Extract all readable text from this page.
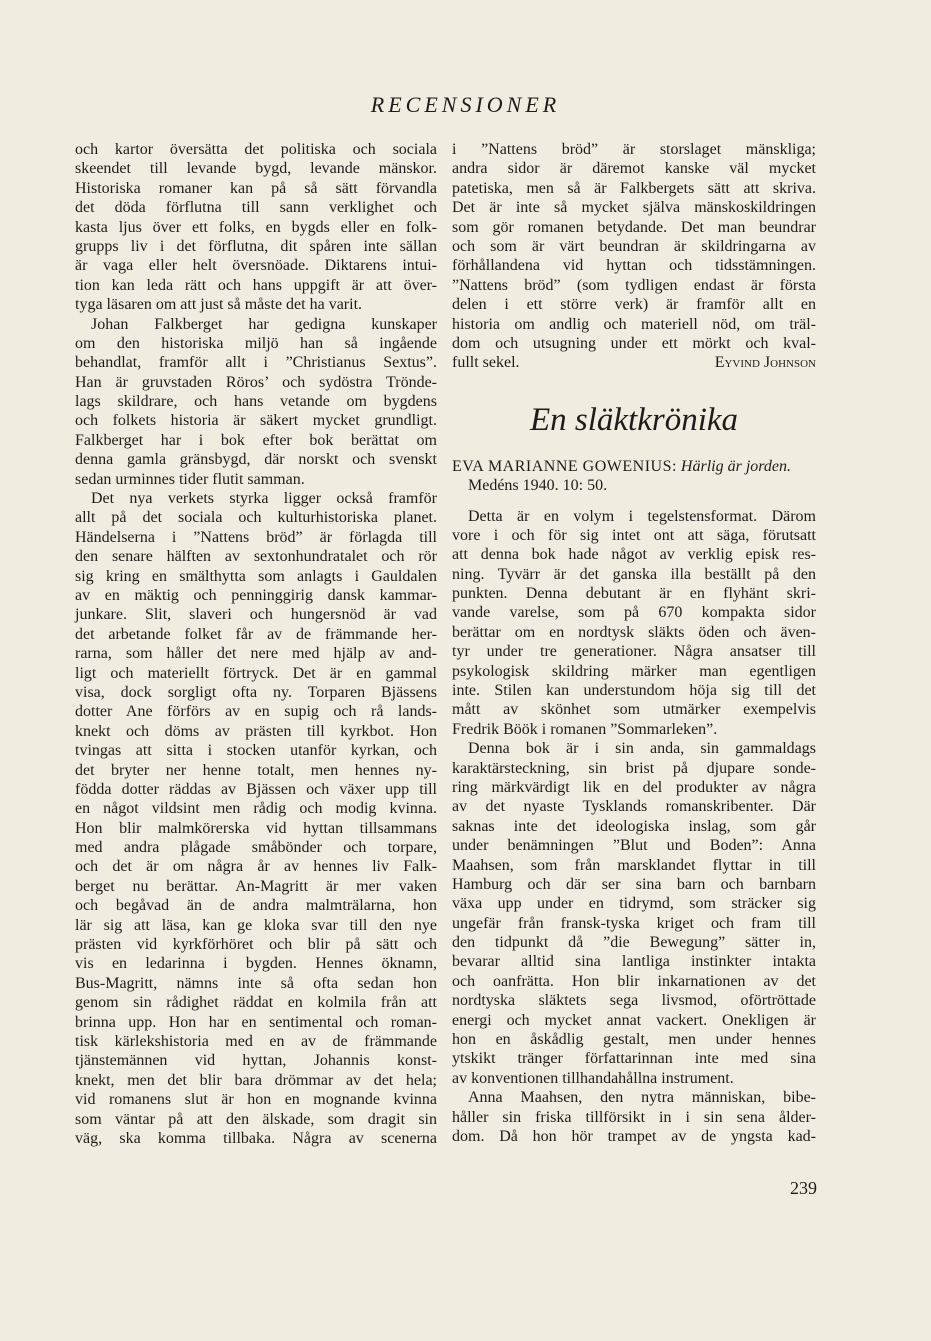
RECENSIONER
och kartor översätta det politiska och sociala
skeendet till levande bygd, levande mänskor.
Historiska romaner kan på så sätt förvandla
det döda förflutna till sann verklighet och
kasta ljus över ett folks, en bygds eller en folk-
grupps liv i det förflutna, dit spåren inte sällan
är vaga eller helt översnöade. Diktarens intui-
tion kan leda rätt och hans uppgift är att över-
tyga läsaren om att just så måste det ha varit.
Johan Falkberget har gedigna kunskaper
om den historiska miljö han så ingående
behandlat, framför allt i ”Christianus Sextus”.
Han är gruvstaden Röros’ och sydöstra Trönde-
lags skildrare, och hans vetande om bygdens
och folkets historia är säkert mycket grundligt.
Falkberget har i bok efter bok berättat om
denna gamla gränsbygd, där norskt och svenskt
sedan urminnes tider flutit samman.
Det nya verkets styrka ligger också framför
allt på det sociala och kulturhistoriska planet.
Händelserna i ”Nattens bröd” är förlagda till
den senare hälften av sextonhundratalet och rör
sig kring en smälthytta som anlagts i Gauldalen
av en mäktig och penninggirig dansk kammar-
junkare. Slit, slaveri och hungersnöd är vad
det arbetande folket får av de främmande her-
rarna, som håller det nere med hjälp av and-
ligt och materiellt förtryck. Det är en gammal
visa, dock sorgligt ofta ny. Torparen Bjässens
dotter Ane förförs av en supig och rå lands-
knekt och döms av prästen till kyrkbot. Hon
tvingas att sitta i stocken utanför kyrkan, och
det bryter ner henne totalt, men hennes ny-
födda dotter räddas av Bjässen och växer upp till
en något vildsint men rådig och modig kvinna.
Hon blir malmkörerska vid hyttan tillsammans
med andra plågade småbönder och torpare,
och det är om några år av hennes liv Falk-
berget nu berättar. An-Magritt är mer vaken
och begåvad än de andra malmträlarna, hon
lär sig att läsa, kan ge kloka svar till den nye
prästen vid kyrkförhöret och blir på sätt och
vis en ledarinna i bygden. Hennes öknamn,
Bus-Magritt, nämns inte så ofta sedan hon
genom sin rådighet räddat en kolmila från att
brinna upp. Hon har en sentimental och roman-
tisk kärlekshistoria med en av de främmande
tjänstemännen vid hyttan, Johannis konst-
knekt, men det blir bara drömmar av det hela;
vid romanens slut är hon en mognande kvinna
som väntar på att den älskade, som dragit sin
väg, ska komma tillbaka. Några av scenerna
i ”Nattens bröd” är storslaget mänskliga;
andra sidor är däremot kanske väl mycket
patetiska, men så är Falkbergets sätt att skriva.
Det är inte så mycket själva mänskoskildringen
som gör romanen betydande. Det man beundrar
och som är värt beundran är skildringarna av
förhållandena vid hyttan och tidsstämningen.
”Nattens bröd” (som tydligen endast är första
delen i ett större verk) är framför allt en
historia om andlig och materiell nöd, om träl-
dom och utsugning under ett mörkt och kval-
fullt sekel.	Eyvind Johnson
En släktkrönika
EVA MARIANNE GOWENIUS: Härlig är jorden. Medéns 1940. 10: 50.
Detta är en volym i tegelstensformat. Därom
vore i och för sig intet ont att säga, förutsatt
att denna bok hade något av verklig episk res-
ning. Tyvärr är det ganska illa beställt på den
punkten. Denna debutant är en flyhänt skri-
vande varelse, som på 670 kompakta sidor
berättar om en nordtysk släkts öden och även-
tyr under tre generationer. Några ansatser till
psykologisk skildring märker man egentligen
inte. Stilen kan understundom höja sig till det
mått av skönhet som utmärker exempelvis
Fredrik Böök i romanen ”Sommarleken”.
Denna bok är i sin anda, sin gammaldags
karaktärsteckning, sin brist på djupare sonde-
ring märkvärdigt lik en del produkter av några
av det nyaste Tysklands romanskribenter. Där
saknas inte det ideologiska inslag, som går
under benämningen ”Blut und Boden”: Anna
Maahsen, som från marsklandet flyttar in till
Hamburg och där ser sina barn och barnbarn
växa upp under en tidrymd, som sträcker sig
ungefär från fransk-tyska kriget och fram till
den tidpunkt då ”die Bewegung” sätter in,
bevarar alltid sina lantliga instinkter intakta
och oanfrätta. Hon blir inkarnationen av det
nordtyska släktets sega livsmod, oförtröttade
energi och mycket annat vackert. Onekligen är
hon en åskådlig gestalt, men under hennes
ytskikt tränger författarinnan inte med sina
av konventionen tillhandahållna instrument.
Anna Maahsen, den nytra människan, bibe-
håller sin friska tillförsikt in i sin sena ålder-
dom. Då hon hör trampet av de yngsta kad-
239
